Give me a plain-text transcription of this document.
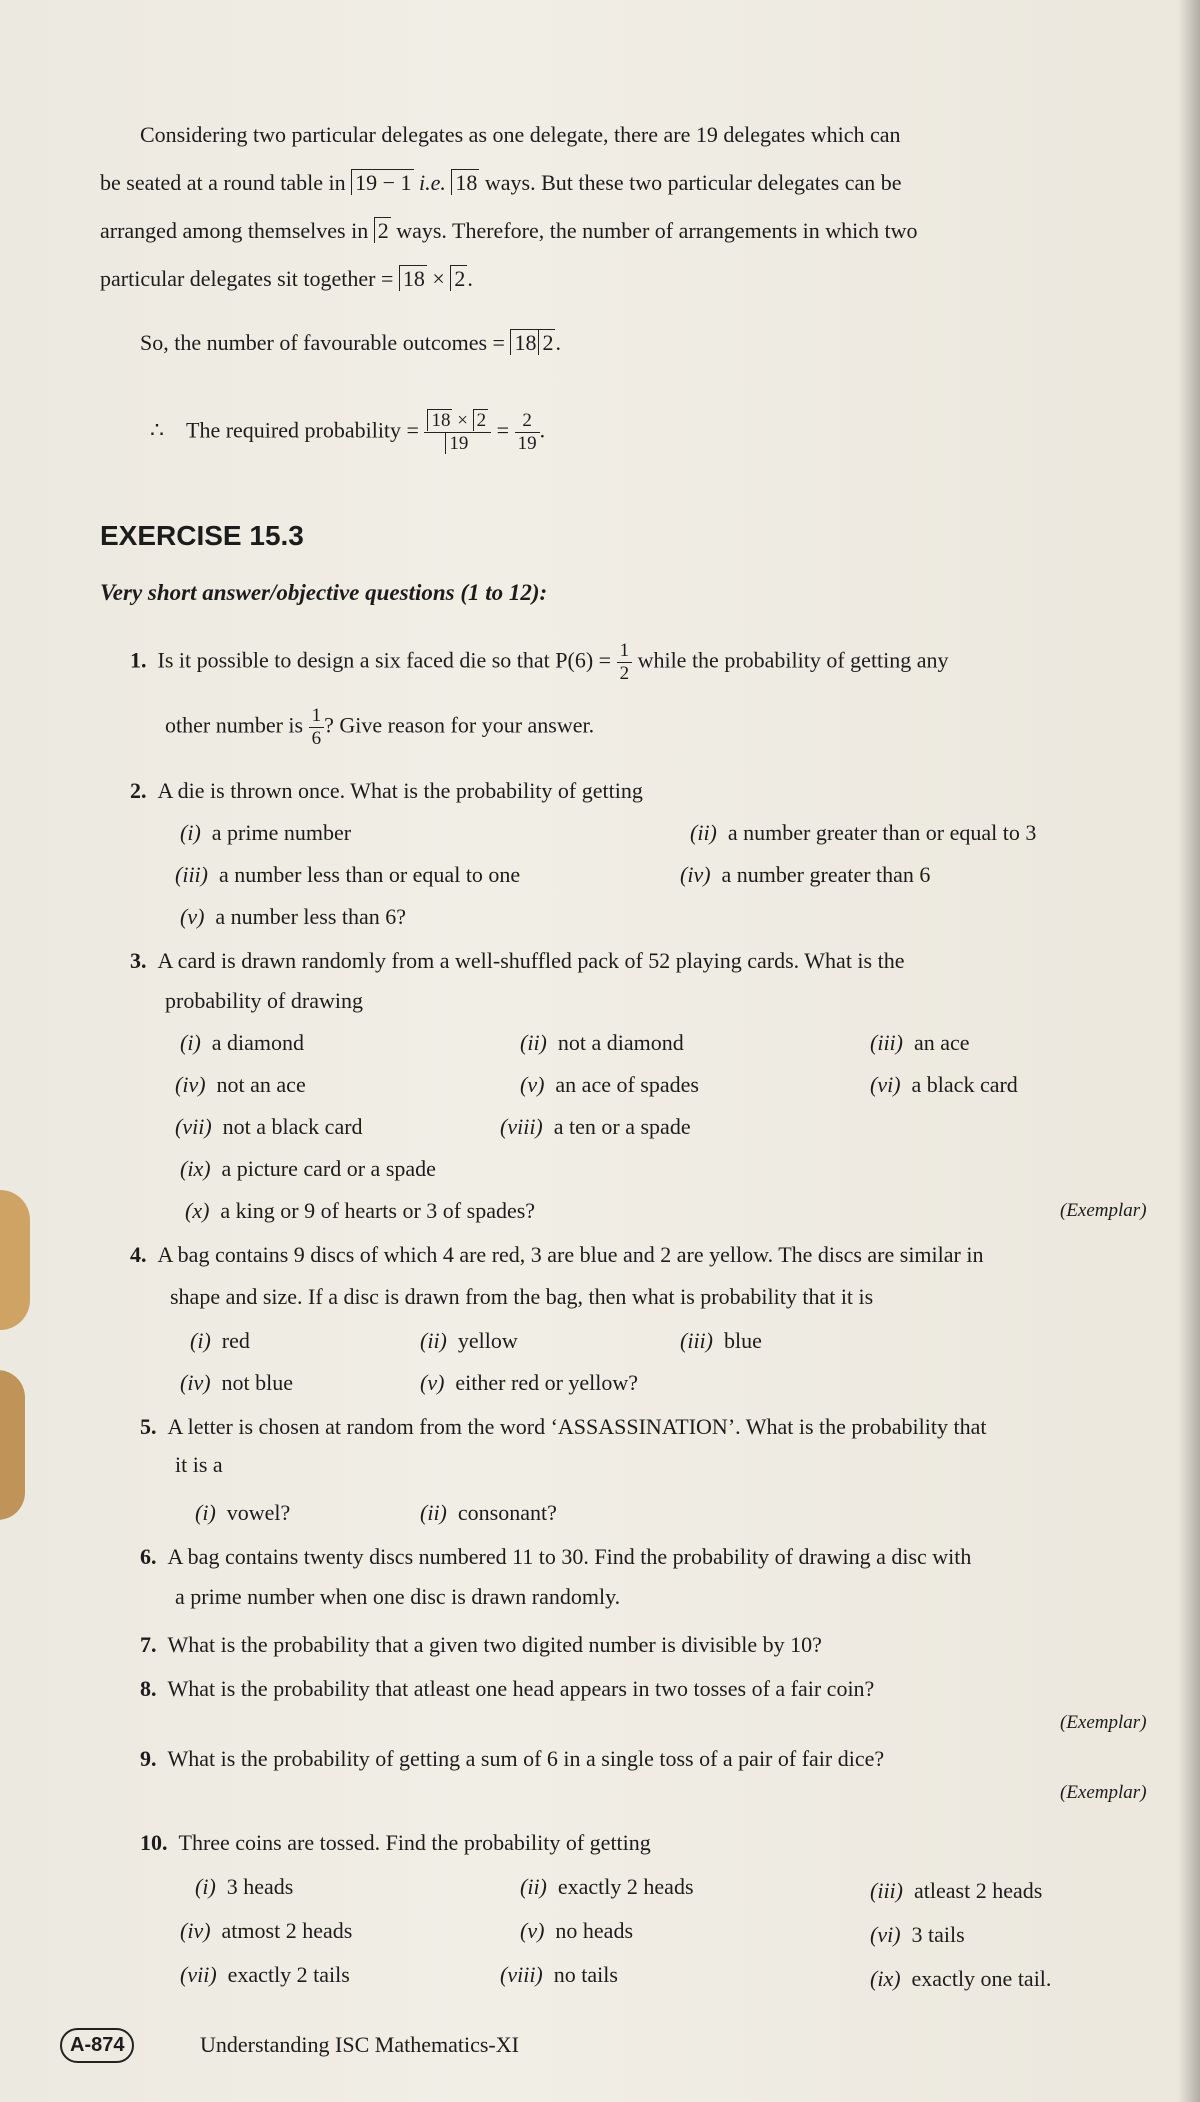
Considering two particular delegates as one delegate, there are 19 delegates which can
be seated at a round table in 19 − 1 i.e. 18 ways. But these two particular delegates can be
arranged among themselves in 2 ways. Therefore, the number of arrangements in which two
particular delegates sit together = 18 × 2.
So, the number of favourable outcomes = 18 2.
∴ The required probability = $\frac{18 \times 2}{19} = \frac{2}{19}$ .
EXERCISE 15.3
Very short answer/objective questions (1 to 12):
1. Is it possible to design a six faced die so that $P(6) = \frac{1}{2}$ while the probability of getting any
other number is $\frac{1}{6}$ ? Give reason for your answer.
2. A die is thrown once. What is the probability of getting
(i) a prime number	(ii) a number greater than or equal to 3
(iii) a number less than or equal to one	(iv) a number greater than 6
(v) a number less than 6?
3. A card is drawn randomly from a well-shuffled pack of 52 playing cards. What is the
probability of drawing
(i) a diamond	(ii) not a diamond	(iii) an ace
(iv) not an ace	(v) an ace of spades	(vi) a black card
(vii) not a black card	(viii) a ten or a spade
(ix) a picture card or a spade
(x) a king or 9 of hearts or 3 of spades?	(Exemplar)
4. A bag contains 9 discs of which 4 are red, 3 are blue and 2 are yellow. The discs are similar in
shape and size. If a disc is drawn from the bag, then what is probability that it is
(i) red	(ii) yellow	(iii) blue
(iv) not blue	(v) either red or yellow?
5. A letter is chosen at random from the word ‘ASSASSINATION’. What is the probability that
it is a
(i) vowel?	(ii) consonant?
6. A bag contains twenty discs numbered 11 to 30. Find the probability of drawing a disc with
a prime number when one disc is drawn randomly.
7. What is the probability that a given two digited number is divisible by 10?
8. What is the probability that atleast one head appears in two tosses of a fair coin?
(Exemplar)
9. What is the probability of getting a sum of 6 in a single toss of a pair of fair dice?
(Exemplar)
10. Three coins are tossed. Find the probability of getting
(i) 3 heads	(ii) exactly 2 heads	(iii) atleast 2 heads
(iv) atmost 2 heads	(v) no heads	(vi) 3 tails
(vii) exactly 2 tails	(viii) no tails	(ix) exactly one tail.
A-874	Understanding ISC Mathematics-XI
